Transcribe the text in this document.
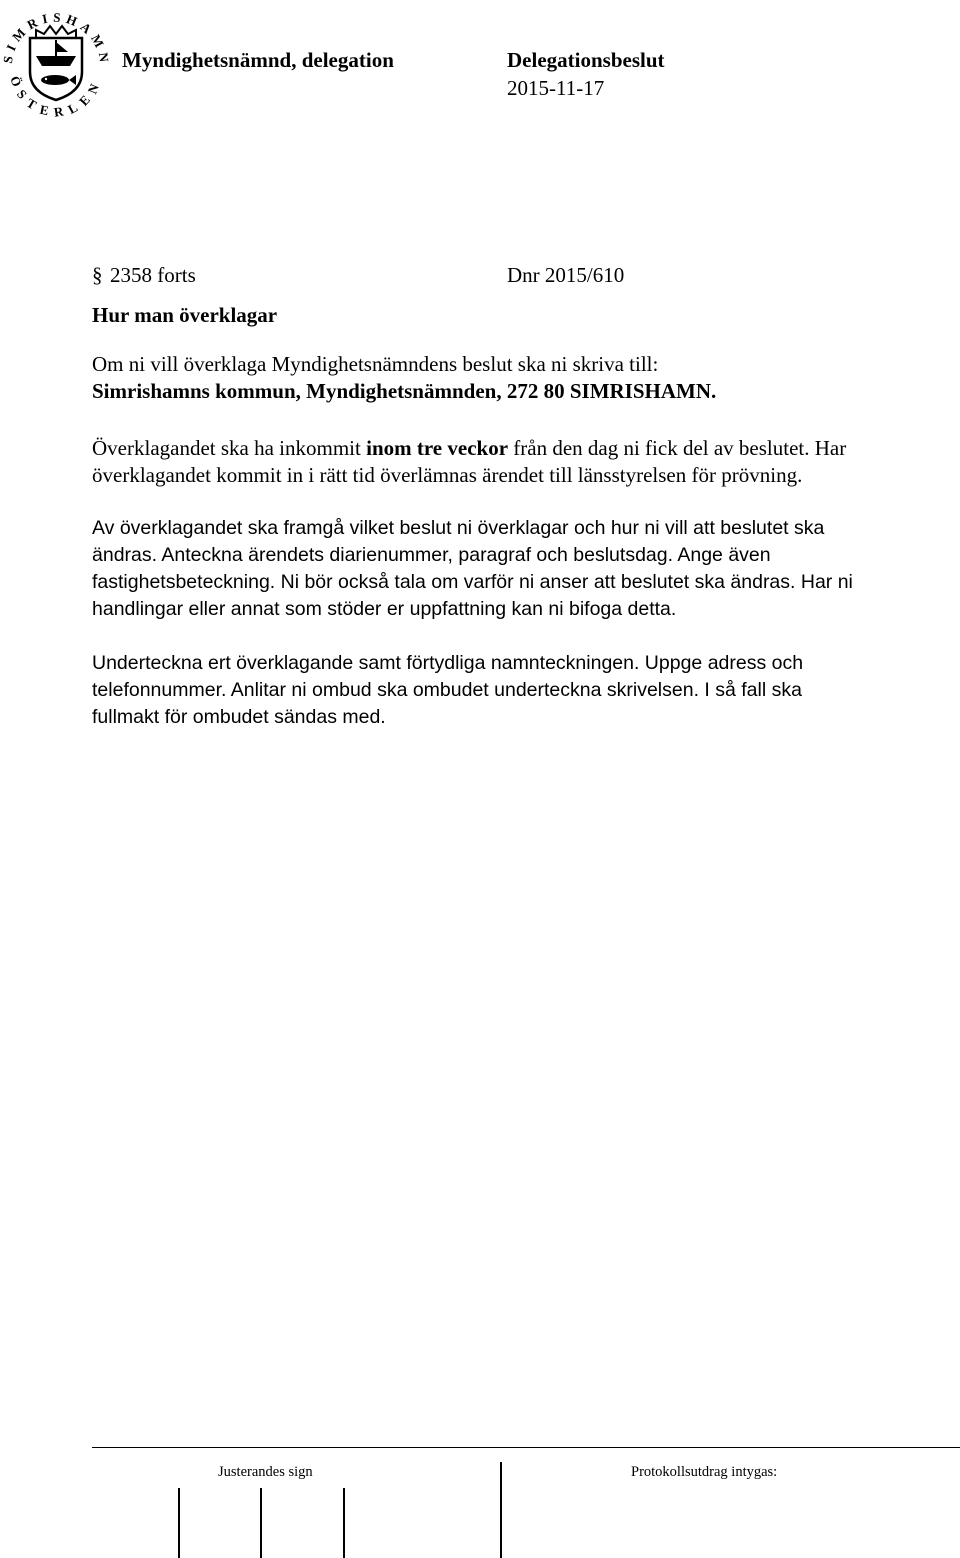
SIMRISHAMN
ÖSTERLEN
Myndighetsnämnd, delegation	Delegationsbeslut
2015-11-17
§ 2358 forts	Dnr 2015/610
Hur man överklagar
Om ni vill överklaga Myndighetsnämndens beslut ska ni skriva till:
Simrishamns kommun, Myndighetsnämnden, 272 80 SIMRISHAMN.
Överklagandet ska ha inkommit inom tre veckor från den dag ni fick del av beslutet. Har
överklagandet kommit in i rätt tid överlämnas ärendet till länsstyrelsen för prövning.
Av överklagandet ska framgå vilket beslut ni överklagar och hur ni vill att beslutet ska
ändras. Anteckna ärendets diarienummer, paragraf och beslutsdag. Ange även
fastighetsbeteckning. Ni bör också tala om varför ni anser att beslutet ska ändras. Har ni
handlingar eller annat som stöder er uppfattning kan ni bifoga detta.
Underteckna ert överklagande samt förtydliga namnteckningen. Uppge adress och
telefonnummer. Anlitar ni ombud ska ombudet underteckna skrivelsen. I så fall ska
fullmakt för ombudet sändas med.
Justerandes sign	Protokollsutdrag intygas:
